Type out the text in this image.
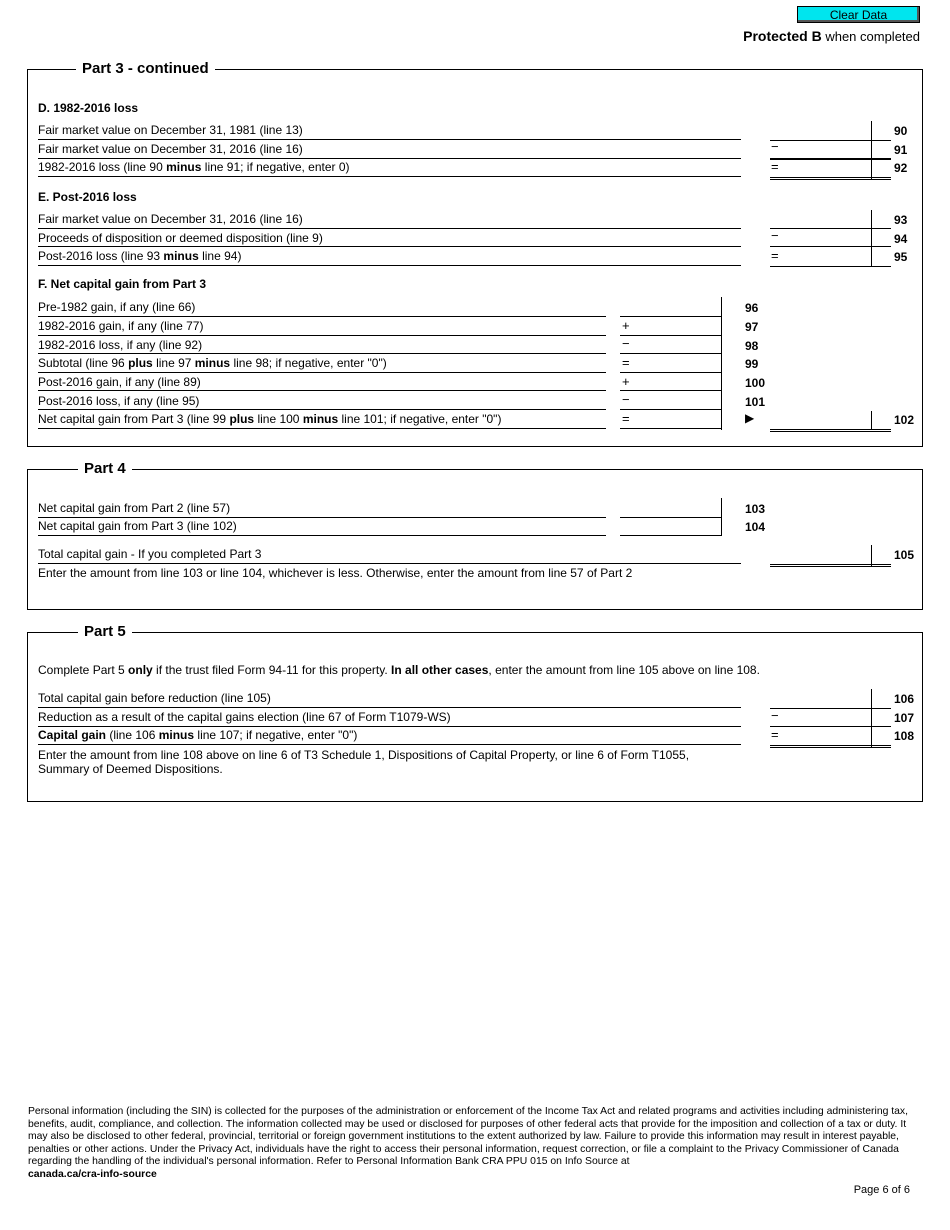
Clear Data
Protected B when completed
Part 3 - continued
D. 1982-2016 loss
Fair market value on December 31, 1981 (line 13)	90
Fair market value on December 31, 2016 (line 16)	−	91
1982-2016 loss (line 90 minus line 91; if negative, enter 0)	=	92
E. Post-2016 loss
Fair market value on December 31, 2016 (line 16)	93
Proceeds of disposition or deemed disposition (line 9)	−	94
Post-2016 loss (line 93 minus line 94)	=	95
F. Net capital gain from Part 3
Pre-1982 gain, if any (line 66)	96
1982-2016 gain, if any (line 77)	+	97
1982-2016 loss, if any (line 92)	−	98
Subtotal (line 96 plus line 97 minus line 98; if negative, enter "0")	=	99
Post-2016 gain, if any (line 89)	+	100
Post-2016 loss, if any (line 95)	−	101
Net capital gain from Part 3 (line 99 plus line 100 minus line 101; if negative, enter "0")	=	▶	102
Part 4
Net capital gain from Part 2 (line 57)	103
Net capital gain from Part 3 (line 102)	104
Total capital gain - If you completed Part 3	105
Enter the amount from line 103 or line 104, whichever is less. Otherwise, enter the amount from line 57 of Part 2
Part 5
Complete Part 5 only if the trust filed Form 94-11 for this property. In all other cases, enter the amount from line 105 above on line 108.
Total capital gain before reduction (line 105)	106
Reduction as a result of the capital gains election (line 67 of Form T1079-WS)	−	107
Capital gain (line 106 minus line 107; if negative, enter "0")	=	108
Enter the amount from line 108 above on line 6 of T3 Schedule 1, Dispositions of Capital Property, or line 6 of Form T1055, Summary of Deemed Dispositions.
Personal information (including the SIN) is collected for the purposes of the administration or enforcement of the Income Tax Act and related programs and activities including administering tax, benefits, audit, compliance, and collection. The information collected may be used or disclosed for purposes of other federal acts that provide for the imposition and collection of a tax or duty. It may also be disclosed to other federal, provincial, territorial or foreign government institutions to the extent authorized by law. Failure to provide this information may result in interest payable, penalties or other actions. Under the Privacy Act, individuals have the right to access their personal information, request correction, or file a complaint to the Privacy Commissioner of Canada regarding the handling of the individual's personal information. Refer to Personal Information Bank CRA PPU 015 on Info Source at
canada.ca/cra-info-source
Page 6 of 6
